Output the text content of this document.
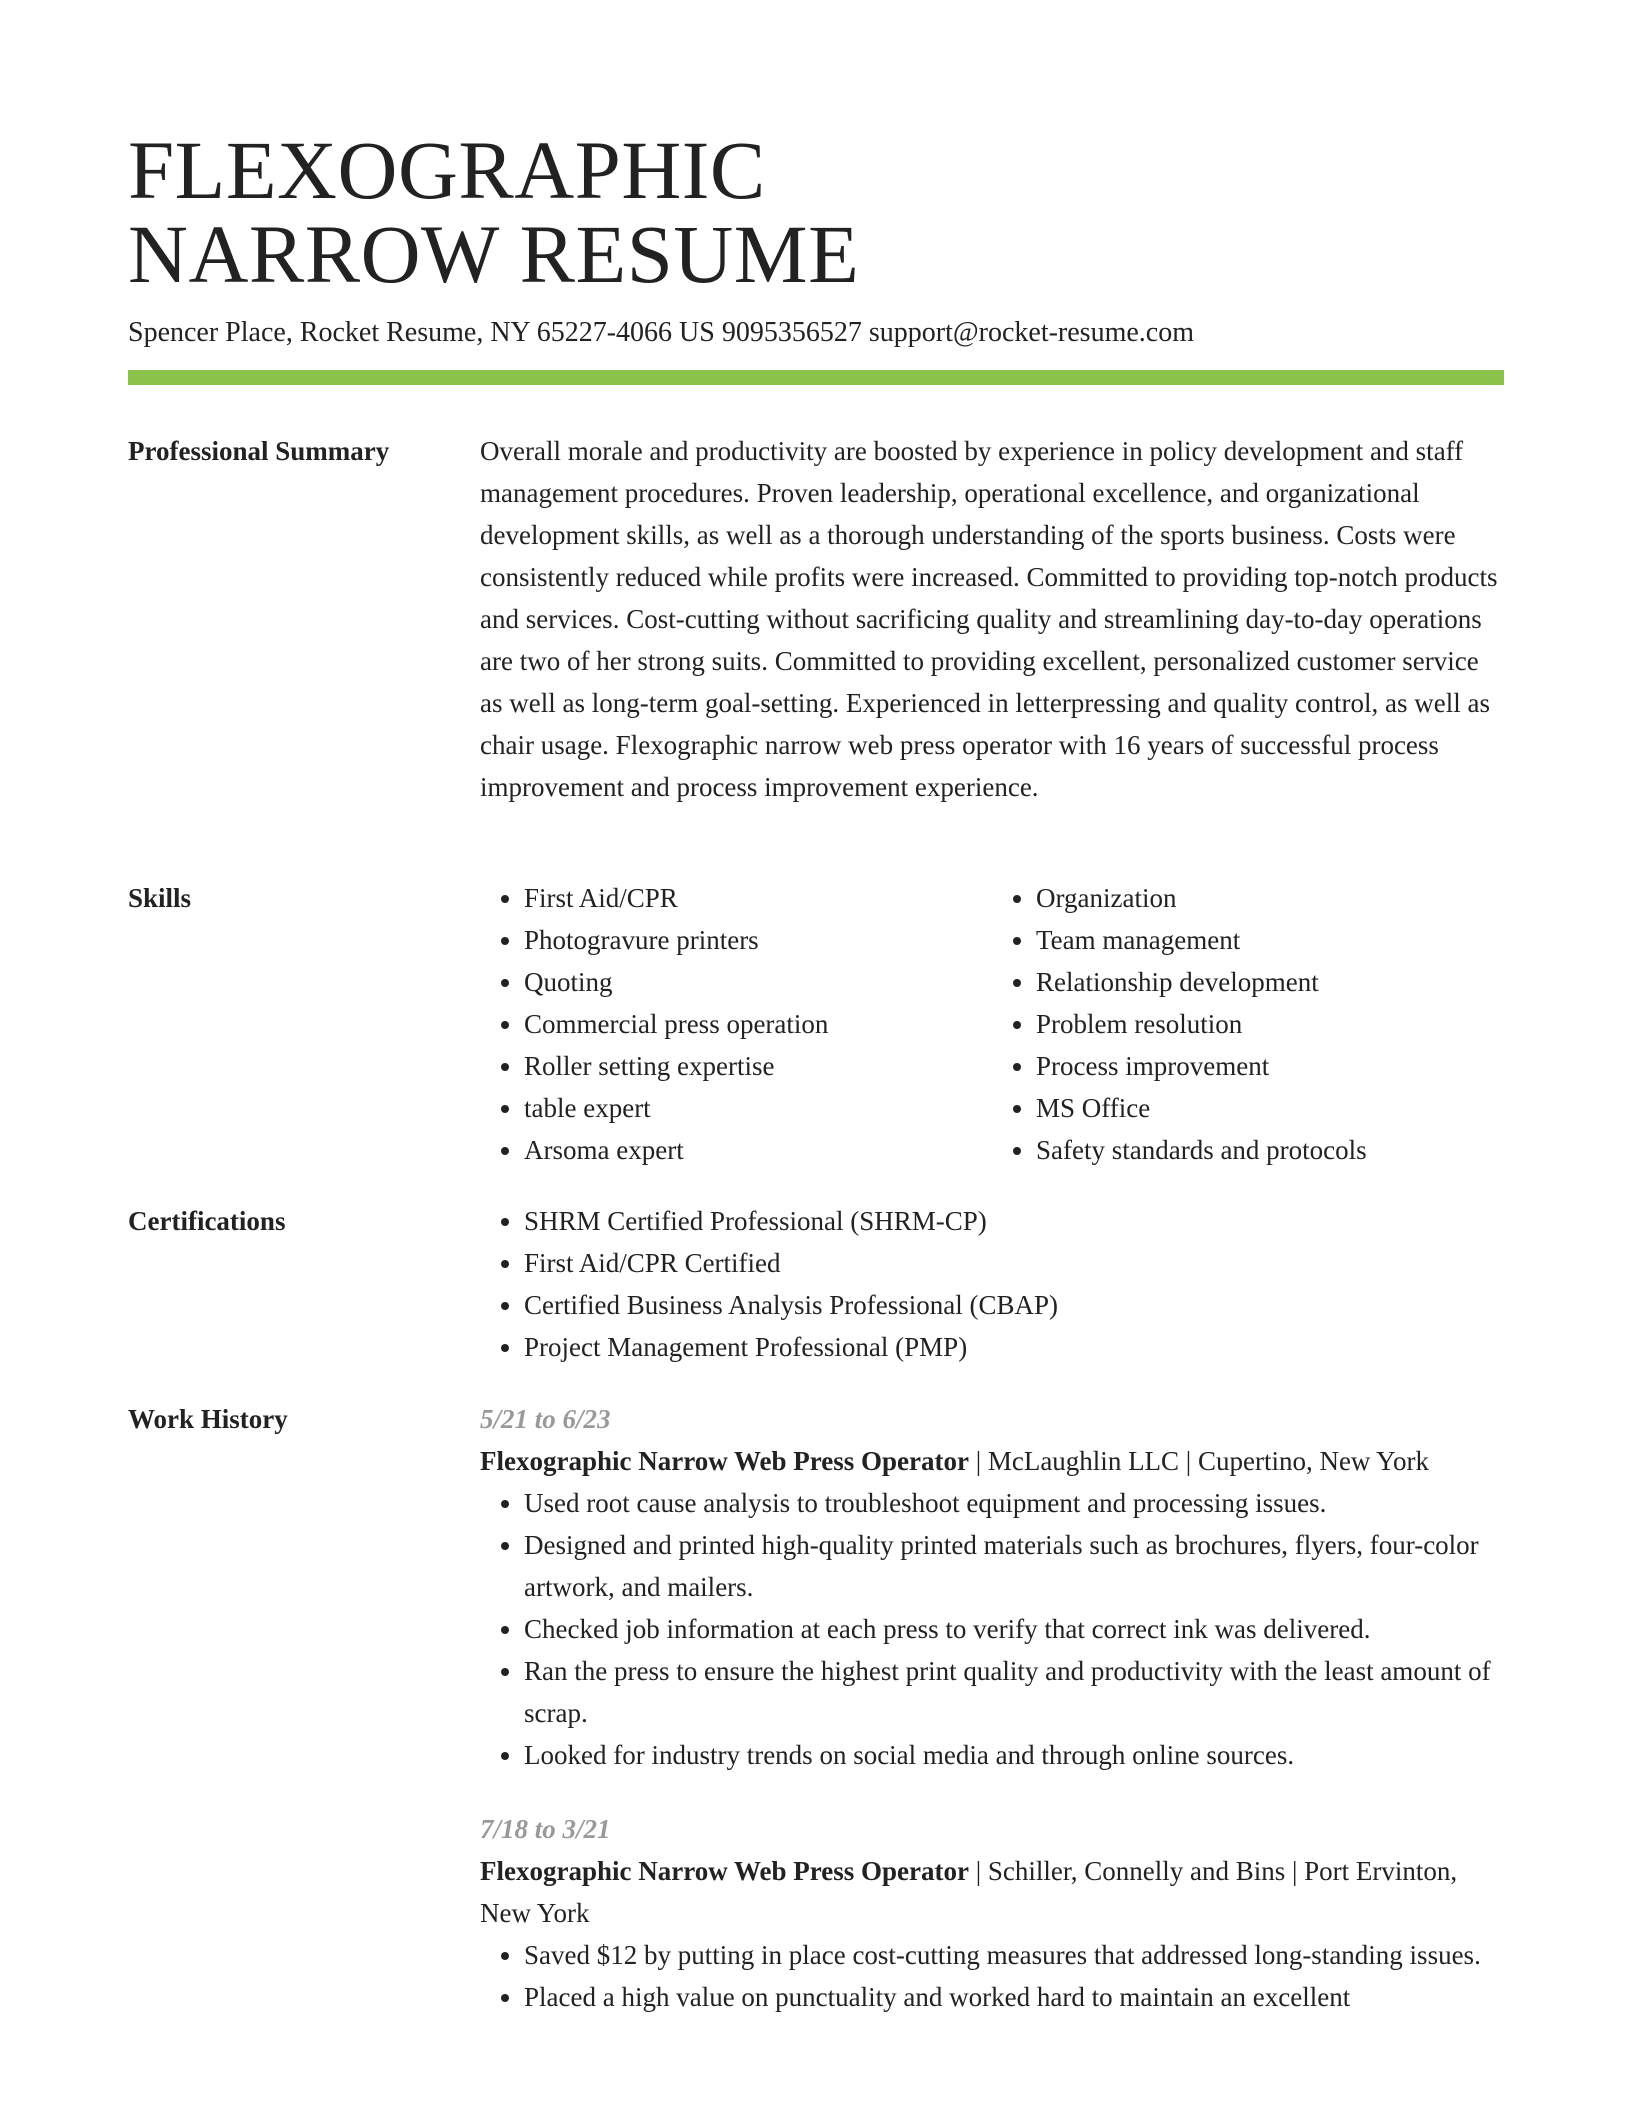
FLEXOGRAPHIC
NARROW RESUME
Spencer Place, Rocket Resume, NY 65227-4066 US 9095356527 support@rocket-resume.com
Professional Summary	Overall morale and productivity are boosted by experience in policy development and staff management procedures. Proven leadership, operational excellence, and organizational development skills, as well as a thorough understanding of the sports business. Costs were consistently reduced while profits were increased. Committed to providing top-notch products and services. Cost-cutting without sacrificing quality and streamlining day-to-day operations are two of her strong suits. Committed to providing excellent, personalized customer service as well as long-term goal-setting. Experienced in letterpressing and quality control, as well as chair usage. Flexographic narrow web press operator with 16 years of successful process improvement and process improvement experience.

Skills	• First Aid/CPR
• Photogravure printers
• Quoting
• Commercial press operation
• Roller setting expertise
• table expert
• Arsoma expert
• Organization
• Team management
• Relationship development
• Problem resolution
• Process improvement
• MS Office
• Safety standards and protocols
Certifications	• SHRM Certified Professional (SHRM-CP)
• First Aid/CPR Certified
• Certified Business Analysis Professional (CBAP)
• Project Management Professional (PMP)
Work History	5/21 to 6/23
Flexographic Narrow Web Press Operator | McLaughlin LLC | Cupertino, New York
• Used root cause analysis to troubleshoot equipment and processing issues.
• Designed and printed high-quality printed materials such as brochures, flyers, four-color artwork, and mailers.
• Checked job information at each press to verify that correct ink was delivered.
• Ran the press to ensure the highest print quality and productivity with the least amount of scrap.
• Looked for industry trends on social media and through online sources.
7/18 to 3/21
Flexographic Narrow Web Press Operator | Schiller, Connelly and Bins | Port Ervinton, New York
• Saved $12 by putting in place cost-cutting measures that addressed long-standing issues.
• Placed a high value on punctuality and worked hard to maintain an excellent
